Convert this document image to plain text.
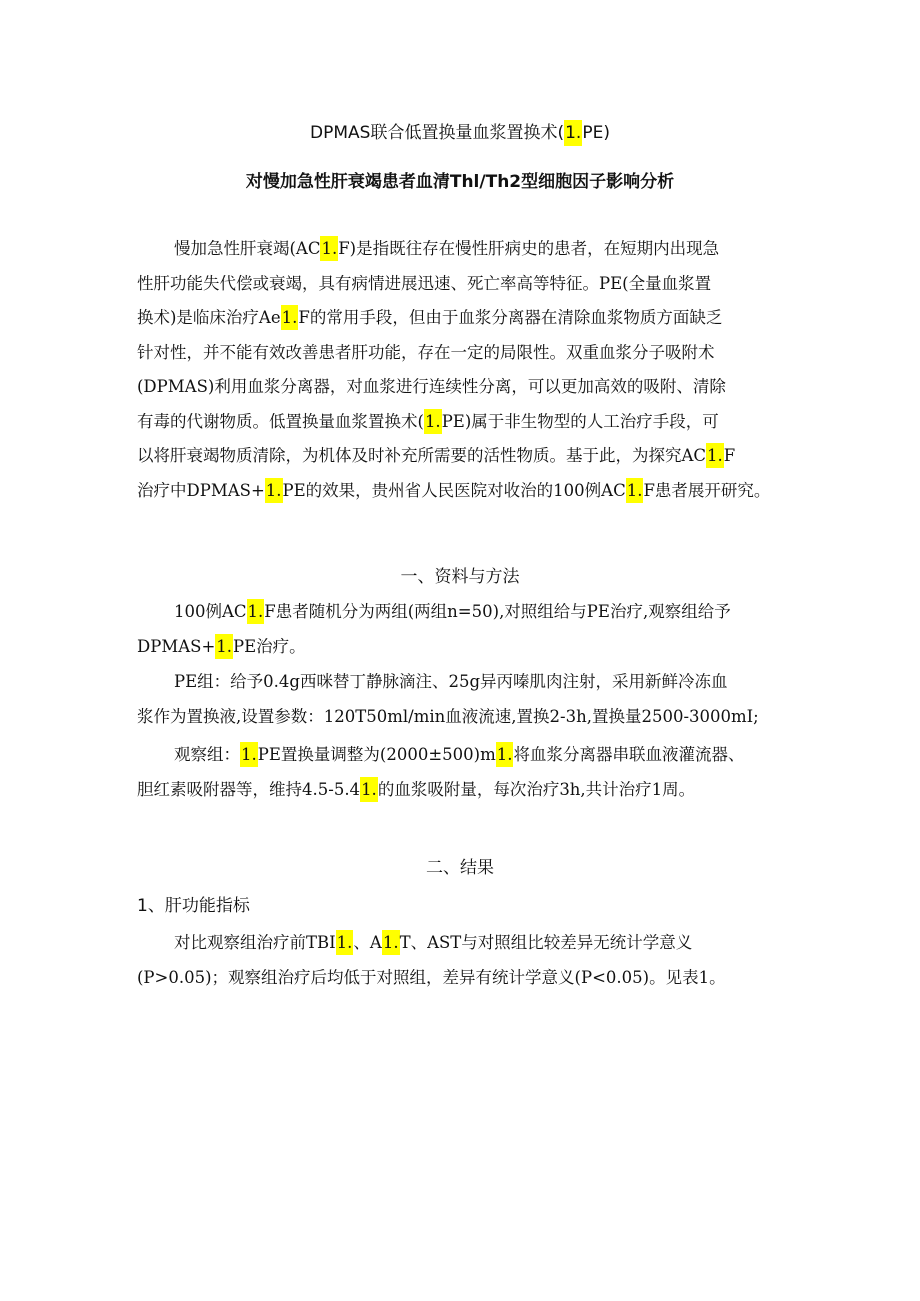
DPMAS联合低置换量血浆置换术(1.PE)
对慢加急性肝衰竭患者血清Thl/Th2型细胞因子影响分析
慢加急性肝衰竭(AC1.F)是指既往存在慢性肝病史的患者，在短期内出现急
性肝功能失代偿或衰竭，具有病情进展迅速、死亡率高等特征。PE(全量血浆置
换术)是临床治疗Ae1.F的常用手段，但由于血浆分离器在清除血浆物质方面缺乏
针对性，并不能有效改善患者肝功能，存在一定的局限性。双重血浆分子吸附术
(DPMAS)利用血浆分离器，对血浆进行连续性分离，可以更加高效的吸附、清除
有毒的代谢物质。低置换量血浆置换术(1.PE)属于非生物型的人工治疗手段，可
以将肝衰竭物质清除，为机体及时补充所需要的活性物质。基于此，为探究AC1.F
治疗中DPMAS+1.PE的效果，贵州省人民医院对收治的100例AC1.F患者展开研究。
一、资料与方法
100例AC1.F患者随机分为两组(两组n=50),对照组给与PE治疗,观察组给予
DPMAS+1.PE治疗。
PE组：给予0.4g西咪替丁静脉滴注、25g异丙嗪肌肉注射，采用新鲜冷冻血
浆作为置换液,设置参数：120T50ml/min血液流速,置换2-3h,置换量2500-3000mI;
观察组：1.PE置换量调整为(2000±500)m1.将血浆分离器串联血液灌流器、
胆红素吸附器等，维持4.5-5.41.的血浆吸附量，每次治疗3h,共计治疗1周。
二、结果
1、肝功能指标
对比观察组治疗前TBI1.、A1.T、AST与对照组比较差异无统计学意义
(P>0.05)；观察组治疗后均低于对照组，差异有统计学意义(P<0.05)。见表1。
